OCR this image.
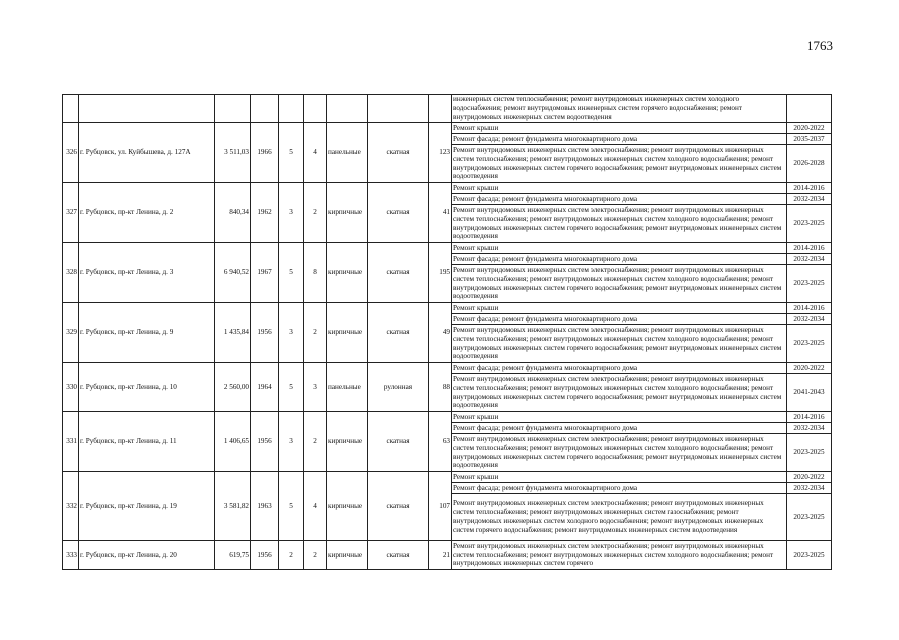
1763
									инженерных систем теплоснабжения; ремонт внутридомовых инженерных систем холодного водоснабжения; ремонт внутридомовых инженерных систем горячего водоснабжения; ремонт внутридомовых инженерных систем водоотведения	
326	г. Рубцовск, ул. Куйбышева, д. 127А	3 511,03	1966	5	4	панельные	скатная	123	Ремонт крыши	2020-2022
									Ремонт фасада; ремонт фундамента многоквартирного дома	2035-2037
									Ремонт внутридомовых инженерных систем электроснабжения; ремонт внутридомовых инженерных систем теплоснабжения; ремонт внутридомовых инженерных систем холодного водоснабжения; ремонт внутридомовых инженерных систем горячего водоснабжения; ремонт внутридомовых инженерных систем водоотведения	2026-2028
327	г. Рубцовск, пр-кт Ленина, д. 2	840,34	1962	3	2	кирпичные	скатная	41	Ремонт крыши	2014-2016
									Ремонт фасада; ремонт фундамента многоквартирного дома	2032-2034
									Ремонт внутридомовых инженерных систем электроснабжения; ремонт внутридомовых инженерных систем теплоснабжения; ремонт внутридомовых инженерных систем холодного водоснабжения; ремонт внутридомовых инженерных систем горячего водоснабжения; ремонт внутридомовых инженерных систем водоотведения	2023-2025
328	г. Рубцовск, пр-кт Ленина, д. 3	6 940,52	1967	5	8	кирпичные	скатная	195	Ремонт крыши	2014-2016
									Ремонт фасада; ремонт фундамента многоквартирного дома	2032-2034
									Ремонт внутридомовых инженерных систем электроснабжения; ремонт внутридомовых инженерных систем теплоснабжения; ремонт внутридомовых инженерных систем холодного водоснабжения; ремонт внутридомовых инженерных систем горячего водоснабжения; ремонт внутридомовых инженерных систем водоотведения	2023-2025
329	г. Рубцовск, пр-кт Ленина, д. 9	1 435,84	1956	3	2	кирпичные	скатная	49	Ремонт крыши	2014-2016
									Ремонт фасада; ремонт фундамента многоквартирного дома	2032-2034
									Ремонт внутридомовых инженерных систем электроснабжения; ремонт внутридомовых инженерных систем теплоснабжения; ремонт внутридомовых инженерных систем холодного водоснабжения; ремонт внутридомовых инженерных систем горячего водоснабжения; ремонт внутридомовых инженерных систем водоотведения	2023-2025
330	г. Рубцовск, пр-кт Ленина, д. 10	2 560,00	1964	5	3	панельные	рулонная	88	Ремонт фасада; ремонт фундамента многоквартирного дома	2020-2022
									Ремонт внутридомовых инженерных систем электроснабжения; ремонт внутридомовых инженерных систем теплоснабжения; ремонт внутридомовых инженерных систем холодного водоснабжения; ремонт внутридомовых инженерных систем горячего водоснабжения; ремонт внутридомовых инженерных систем водоотведения	2041-2043
331	г. Рубцовск, пр-кт Ленина, д. 11	1 406,65	1956	3	2	кирпичные	скатная	63	Ремонт крыши	2014-2016
									Ремонт фасада; ремонт фундамента многоквартирного дома	2032-2034
									Ремонт внутридомовых инженерных систем электроснабжения; ремонт внутридомовых инженерных систем теплоснабжения; ремонт внутридомовых инженерных систем холодного водоснабжения; ремонт внутридомовых инженерных систем горячего водоснабжения; ремонт внутридомовых инженерных систем водоотведения	2023-2025
332	г. Рубцовск, пр-кт Ленина, д. 19	3 581,82	1963	5	4	кирпичные	скатная	107	Ремонт крыши	2020-2022
									Ремонт фасада; ремонт фундамента многоквартирного дома	2032-2034
									Ремонт внутридомовых инженерных систем электроснабжения; ремонт внутридомовых инженерных систем теплоснабжения; ремонт внутридомовых инженерных систем газоснабжения; ремонт внутридомовых инженерных систем холодного водоснабжения; ремонт внутридомовых инженерных систем горячего водоснабжения; ремонт внутридомовых инженерных систем водоотведения	2023-2025
333	г. Рубцовск, пр-кт Ленина, д. 20	619,75	1956	2	2	кирпичные	скатная	21	Ремонт внутридомовых инженерных систем электроснабжения; ремонт внутридомовых инженерных систем теплоснабжения; ремонт внутридомовых инженерных систем холодного водоснабжения; ремонт внутридомовых инженерных систем горячего	2023-2025
